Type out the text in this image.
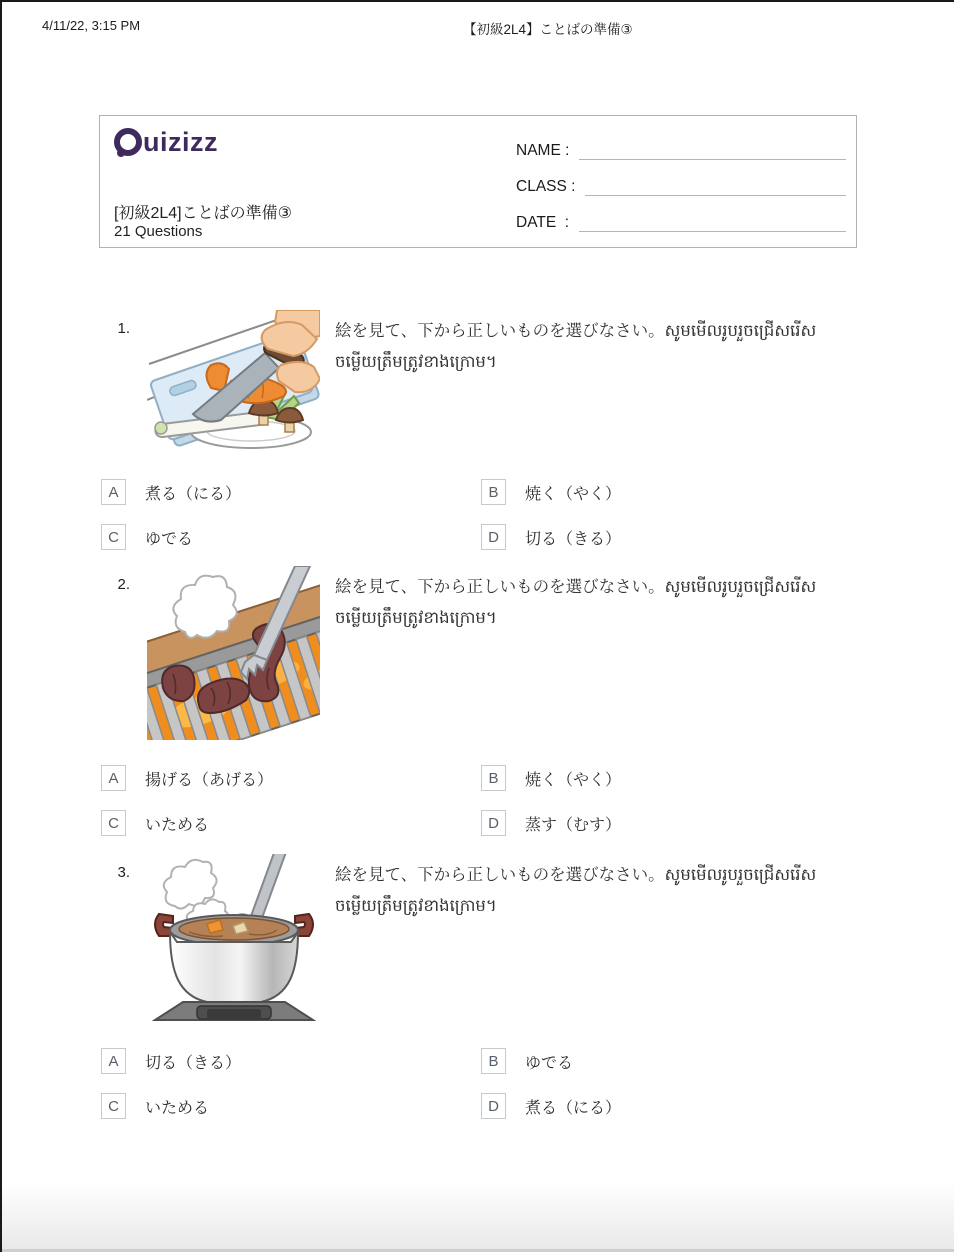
4/11/22, 3:15 PM	【初級2L4】ことばの準備③
uizizz
[初級2L4]ことばの準備③
21 Questions
NAME :
CLASS :
DATE  :
1.	絵を見て、下から正しいものを選びなさい。សូមមើលរូបរួចជ្រើសរើសចម្លើយត្រឹមត្រូវខាងក្រោម។
A	煮る（にる）	B	焼く（やく）
C	ゆでる	D	切る（きる）
2.	絵を見て、下から正しいものを選びなさい。សូមមើលរូបរួចជ្រើសរើសចម្លើយត្រឹមត្រូវខាងក្រោម។
A	揚げる（あげる）	B	焼く（やく）
C	いためる	D	蒸す（むす）
3.	絵を見て、下から正しいものを選びなさい。សូមមើលរូបរួចជ្រើសរើសចម្លើយត្រឹមត្រូវខាងក្រោម។
A	切る（きる）	B	ゆでる
C	いためる	D	煮る（にる）
